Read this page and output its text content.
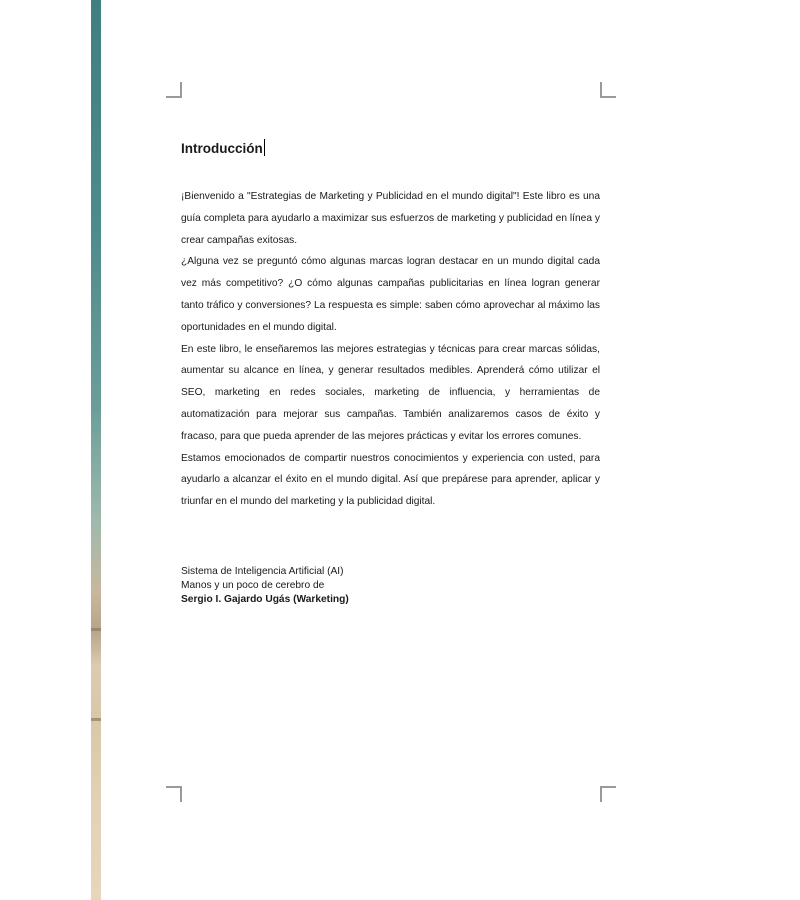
Introducción

¡Bienvenido a "Estrategias de Marketing y Publicidad en el mundo digital"! Este libro es una guía completa para ayudarlo a maximizar sus esfuerzos de marketing y publicidad en línea y crear campañas exitosas.

¿Alguna vez se preguntó cómo algunas marcas logran destacar en un mundo digital cada vez más competitivo? ¿O cómo algunas campañas publicitarias en línea logran generar tanto tráfico y conversiones? La respuesta es simple: saben cómo aprovechar al máximo las oportunidades en el mundo digital.

En este libro, le enseñaremos las mejores estrategias y técnicas para crear marcas sólidas, aumentar su alcance en línea, y generar resultados medibles. Aprenderá cómo utilizar el SEO, marketing en redes sociales, marketing de influencia, y herramientas de automatización para mejorar sus campañas. También analizaremos casos de éxito y fracaso, para que pueda aprender de las mejores prácticas y evitar los errores comunes.

Estamos emocionados de compartir nuestros conocimientos y experiencia con usted, para ayudarlo a alcanzar el éxito en el mundo digital. Así que prepárese para aprender, aplicar y triunfar en el mundo del marketing y la publicidad digital.

Sistema de Inteligencia Artificial (AI)
Manos y un poco de cerebro de
Sergio I. Gajardo Ugás (Warketing)
